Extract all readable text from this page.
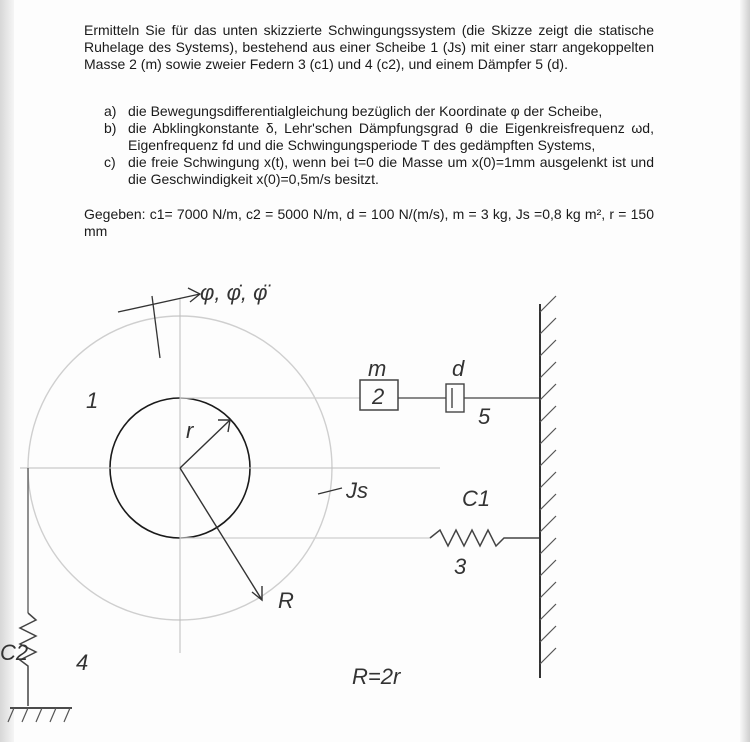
Ermitteln Sie für das unten skizzierte Schwingungssystem (die Skizze zeigt die statische Ruhelage des Systems), bestehend aus einer Scheibe 1 (Js) mit einer starr angekoppelten Masse 2 (m) sowie zweier Federn 3 (c1) und 4 (c2), und einem Dämpfer 5 (d).

a) die Bewegungsdifferentialgleichung bezüglich der Koordinate φ der Scheibe,
b) die Abklingkonstante δ, Lehr'schen Dämpfungsgrad θ die Eigenkreisfrequenz ωd, Eigenfrequenz fd und die Schwingungsperiode T des gedämpften Systems,
c) die freie Schwingung x(t), wenn bei t=0 die Masse um x(0)=1mm ausgelenkt ist und die Geschwindigkeit x(0)=0,5m/s besitzt.

Gegeben: c1= 7000 N/m, c2 = 5000 N/m, d = 100 N/(m/s), m = 3 kg, Js =0,8 kg m², r = 150 mm

2
m	d
5
C1
3
r
R
Js
1
φ, φ̇, φ̈
C2 4
R=2r
